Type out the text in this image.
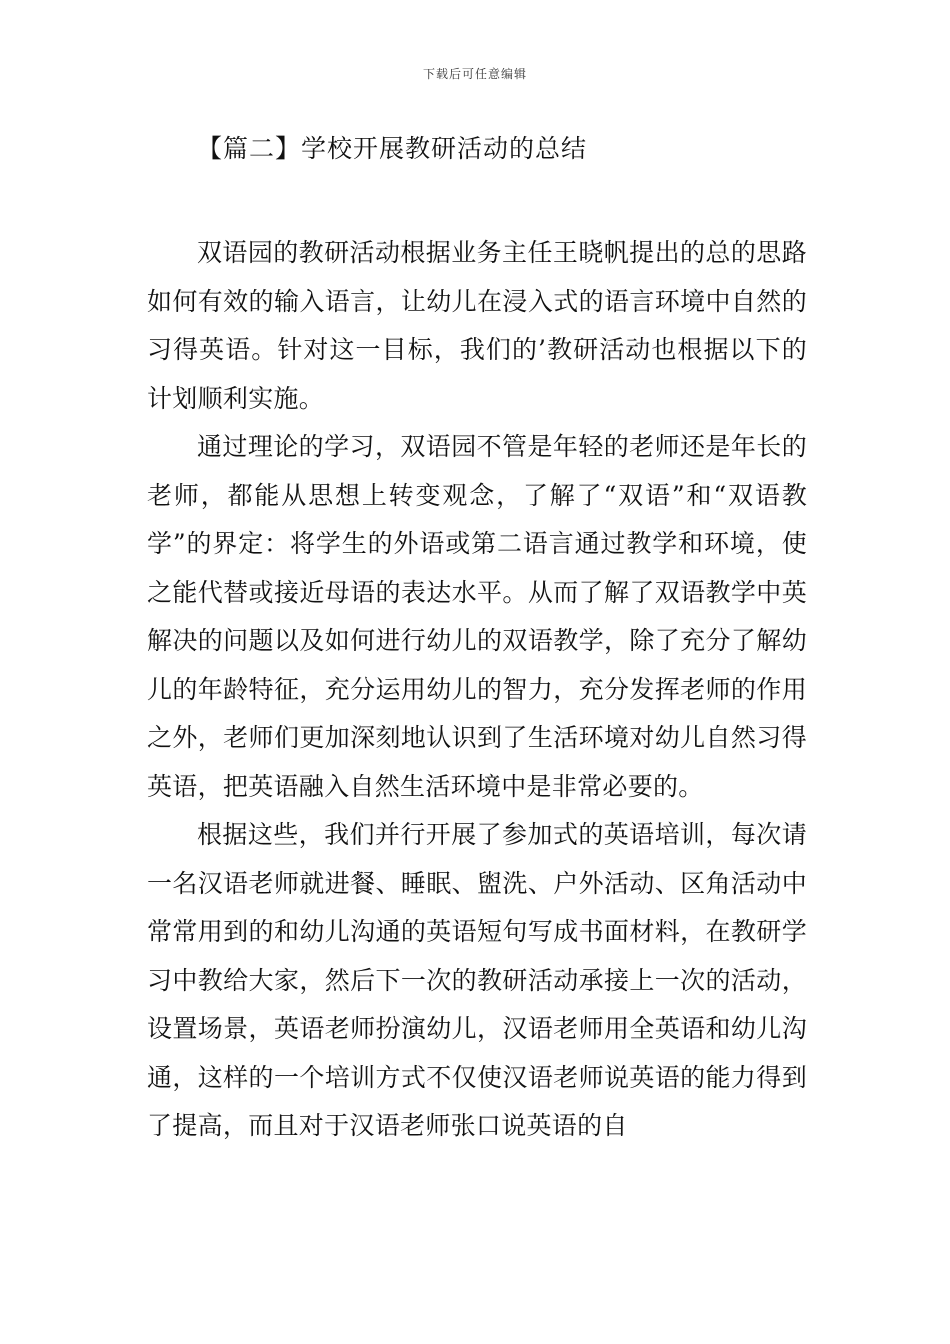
下载后可任意编辑
【篇二】学校开展教研活动的总结

双语园的教研活动根据业务主任王晓帆提出的总的思路如何有效的输入语言，让幼儿在浸入式的语言环境中自然的习得英语。针对这一目标，我们的’教研活动也根据以下的计划顺利实施。

通过理论的学习，双语园不管是年轻的老师还是年长的老师，都能从思想上转变观念，了解了“双语”和“双语教学”的界定：将学生的外语或第二语言通过教学和环境，使之能代替或接近母语的表达水平。从而了解了双语教学中英解决的问题以及如何进行幼儿的双语教学，除了充分了解幼儿的年龄特征，充分运用幼儿的智力，充分发挥老师的作用之外，老师们更加深刻地认识到了生活环境对幼儿自然习得英语，把英语融入自然生活环境中是非常必要的。

根据这些，我们并行开展了参加式的英语培训，每次请一名汉语老师就进餐、睡眠、盥洗、户外活动、区角活动中常常用到的和幼儿沟通的英语短句写成书面材料，在教研学习中教给大家，然后下一次的教研活动承接上一次的活动，设置场景，英语老师扮演幼儿，汉语老师用全英语和幼儿沟通，这样的一个培训方式不仅使汉语老师说英语的能力得到了提高，而且对于汉语老师张口说英语的自
